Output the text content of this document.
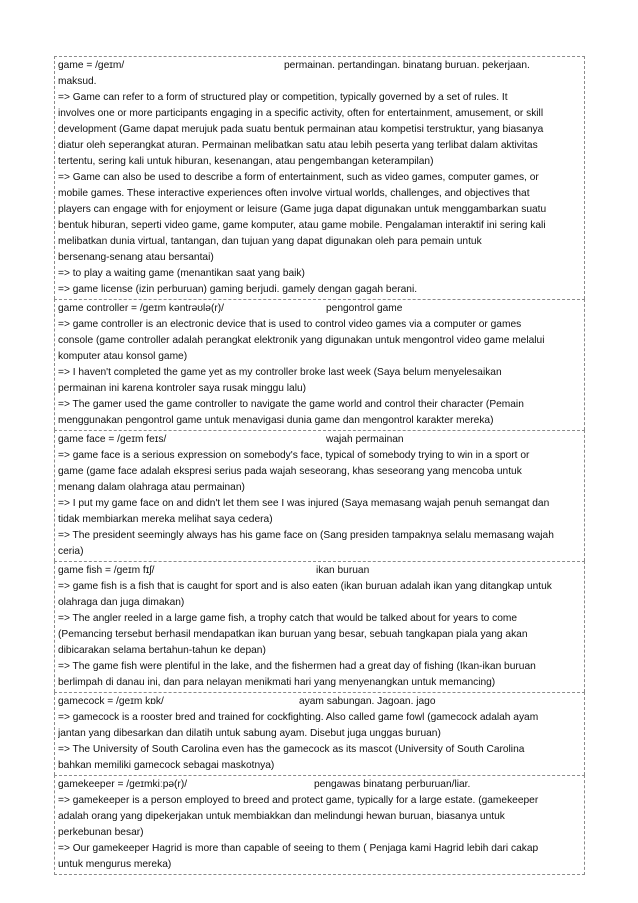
game = /geɪm/	permainan. pertandingan. binatang buruan. pekerjaan.
maksud.
=> Game can refer to a form of structured play or competition, typically governed by a set of rules. It
involves one or more participants engaging in a specific activity, often for entertainment, amusement, or skill
development (Game dapat merujuk pada suatu bentuk permainan atau kompetisi terstruktur, yang biasanya
diatur oleh seperangkat aturan. Permainan melibatkan satu atau lebih peserta yang terlibat dalam aktivitas
tertentu, sering kali untuk hiburan, kesenangan, atau pengembangan keterampilan)
=> Game can also be used to describe a form of entertainment, such as video games, computer games, or
mobile games. These interactive experiences often involve virtual worlds, challenges, and objectives that
players can engage with for enjoyment or leisure (Game juga dapat digunakan untuk menggambarkan suatu
bentuk hiburan, seperti video game, game komputer, atau game mobile. Pengalaman interaktif ini sering kali
melibatkan dunia virtual, tantangan, dan tujuan yang dapat digunakan oleh para pemain untuk
bersenang-senang atau bersantai)
=> to play a waiting game (menantikan saat yang baik)
=> game license (izin perburuan) gaming berjudi. gamely dengan gagah berani.
game controller = /geɪm kəntrəʊlə(r)/	pengontrol game
=> game controller is an electronic device that is used to control video games via a computer or games
console (game controller adalah perangkat elektronik yang digunakan untuk mengontrol video game melalui
komputer atau konsol game)
=> I haven't completed the game yet as my controller broke last week (Saya belum menyelesaikan
permainan ini karena kontroler saya rusak minggu lalu)
=> The gamer used the game controller to navigate the game world and control their character (Pemain
menggunakan pengontrol game untuk menavigasi dunia game dan mengontrol karakter mereka)
game face = /geɪm feɪs/	wajah permainan
=> game face is a serious expression on somebody's face, typical of somebody trying to win in a sport or
game (game face adalah ekspresi serius pada wajah seseorang, khas seseorang yang mencoba untuk
menang dalam olahraga atau permainan)
=> I put my game face on and didn't let them see I was injured (Saya memasang wajah penuh semangat dan
tidak membiarkan mereka melihat saya cedera)
=> The president seemingly always has his game face on (Sang presiden tampaknya selalu memasang wajah
ceria)
game fish = /geɪm fɪʃ/	ikan buruan
=> game fish is a fish that is caught for sport and is also eaten (ikan buruan adalah ikan yang ditangkap untuk
olahraga dan juga dimakan)
=> The angler reeled in a large game fish, a trophy catch that would be talked about for years to come
(Pemancing tersebut berhasil mendapatkan ikan buruan yang besar, sebuah tangkapan piala yang akan
dibicarakan selama bertahun-tahun ke depan)
=> The game fish were plentiful in the lake, and the fishermen had a great day of fishing (Ikan-ikan buruan
berlimpah di danau ini, dan para nelayan menikmati hari yang menyenangkan untuk memancing)
gamecock = /geɪm kɒk/	ayam sabungan. Jagoan. jago
=> gamecock is a rooster bred and trained for cockfighting. Also called game fowl (gamecock adalah ayam
jantan yang dibesarkan dan dilatih untuk sabung ayam. Disebut juga unggas buruan)
=> The University of South Carolina even has the gamecock as its mascot (University of South Carolina
bahkan memiliki gamecock sebagai maskotnya)
gamekeeper = /geɪmkiːpə(r)/	pengawas binatang perburuan/liar.
=> gamekeeper is a person employed to breed and protect game, typically for a large estate. (gamekeeper
adalah orang yang dipekerjakan untuk membiakkan dan melindungi hewan buruan, biasanya untuk
perkebunan besar)
=> Our gamekeeper Hagrid is more than capable of seeing to them ( Penjaga kami Hagrid lebih dari cakap
untuk mengurus mereka)
